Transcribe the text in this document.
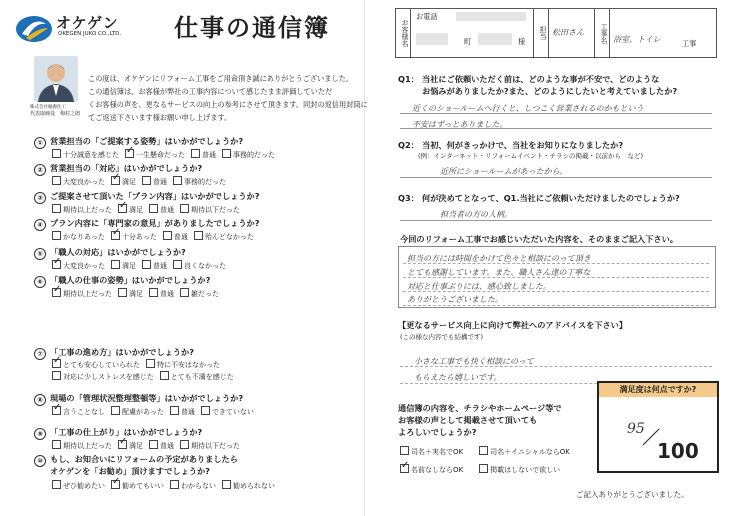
オケゲン
OKEGEN JUKO CO.,LTD. 仕事の通信簿
株式会社桶源住工
代表取締役　梅村之朗
この度は、オケゲンにリフォーム工事をご用命頂き誠にありがとうございました。
この通信簿は、お客様が弊社の工事内容について感じたまま評価していただ
くお客様の声を、更なるサービスの向上の参考にさせて頂きます。同封の返信用封筒に
てご返送下さいます様お願い申し上げます。
① 営業担当の「ご提案する姿勢」はいかがでしょうか?
十分誠意を感じた ✓	一生懸命だった	普通	事務的だった
② 営業担当の「対応」はいかがでしょうか?
大変良かった ✓	満足	普通	事務的だった
③ ご提案させて頂いた「プラン内容」はいかがでしょうか?
期待以上だった ✓	満足	普通	期待以下だった
④ プラン内容に「専門家の意見」がありましたでしょうか?
かなりあった ✓	十分あった	普通	殆んどなかった
⑤ 「職人の対応」はいかがでしょうか?
✓大変良かった	満足	普通	良くなかった
⑥ 「職人の仕事の姿勢」はいかがでしょうか?
✓期待以上だった	満足	普通	雑だった
⑨ 「工事の仕上がり」はいかがでしょうか?
期待以上だった ✓	満足	普通	期待以下だった
⑩ もし、お知合いにリフォームの予定がありましたら
オケゲンを「お勧め」頂けますでしょうか?
ぜひ勧めたい ✓	勧めてもいい	わからない	勧められない
⑦ 「工事の進め方」はいかがでしょうか?
✓とても安心していられた	特に不安はなかった
対応に少しストレスを感じた	とても不満を感じた
⑧ 現場の「管理状況整理整頓等」はいかがでしょうか?
✓言うことなし	配慮があった	普通	できていない
お客様名
お電話
町	様
担当 松田さん	工事名 浴室、トイレ	工事
Q1： 当社にご依頼いただく前は、どのような事が不安で、どのような
お悩みがありましたか?また、どのようにしたいと考えていましたか?
近くのショールームへ行くと、しつこく営業されるのかもという
不安はずっとありました。
Q2： 当初、何がきっかけで、当社をお知りになりましたか?
(例：インターネット・リフォームイベント・チラシの掲載・以前から　など)
近所にショールームがあったから。
Q3： 何が決めてとなって、Q1.当社にご依頼いただけましたのでしょうか?
担当者の方の人柄。
今回のリフォーム工事でお感じいただいた内容を、そのままご記入下さい。
担当の方には時間をかけて色々と相談にのって頂き
とても感謝しています。また、職人さん達の丁寧な
対応と仕事ぶりには、感心致しました。
ありがとうございました。
【更なるサービス向上に向けて弊社へのアドバイスを下さい】
(この様な内容でも結構です)
小さな工事でも快く相談にのって
もらえたら嬉しいです。
通信簿の内容を、チラシやホームページ等で
お客様の声として掲載させて頂いても
よろしいでしょうか?
司名＋実名でOK	司名＋イニシャルならOK
✓名前なしならOK	掲載はしないで欲しい
満足度は何点ですか?
95
100
ご記入ありがとうございました。
